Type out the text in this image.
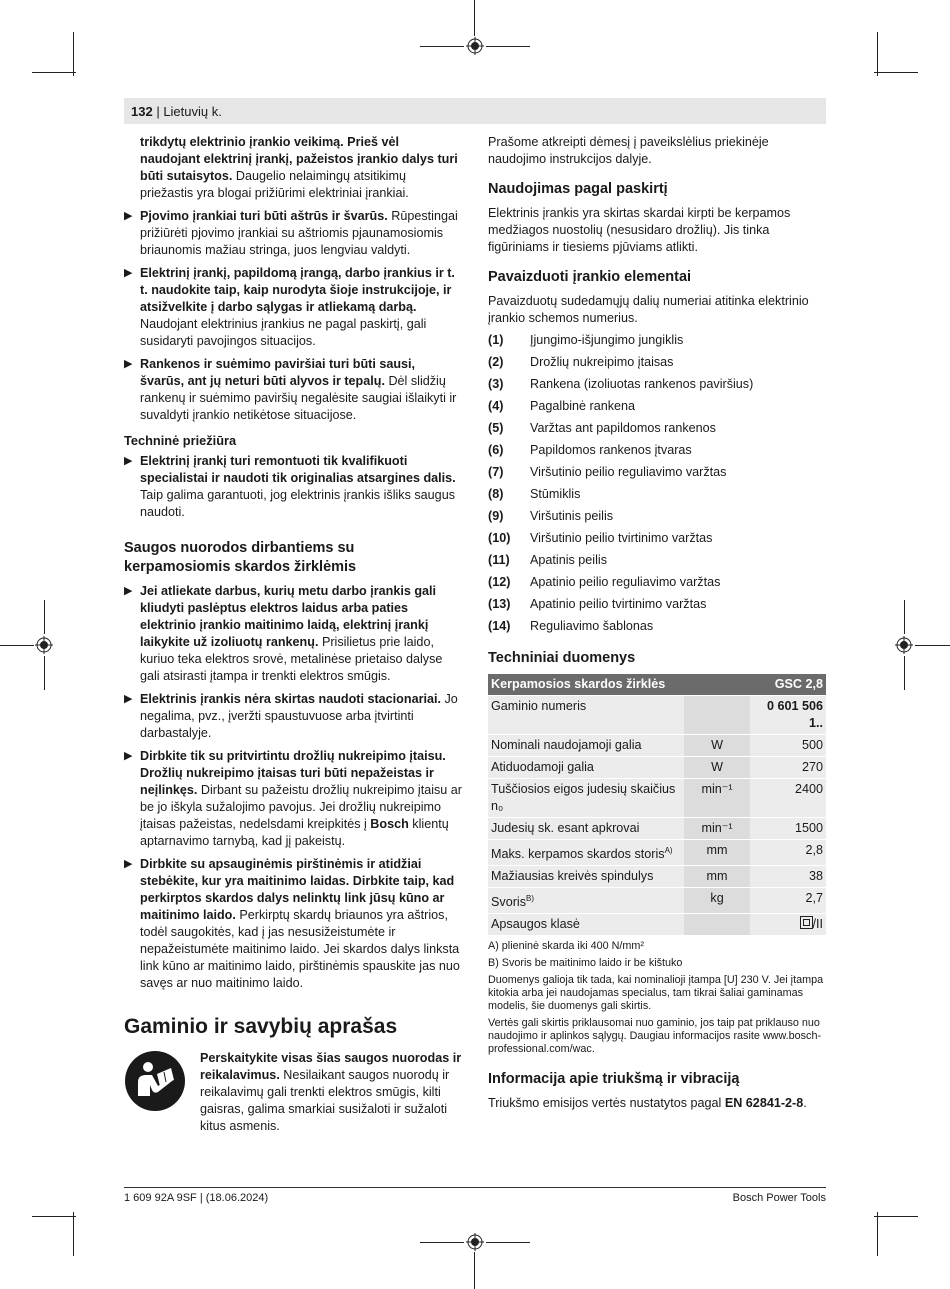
132 | Lietuvių k.
trikdytų elektrinio įrankio veikimą. Prieš vėl naudojant elektrinį įrankį, pažeistos įrankio dalys turi būti sutaisytos. Daugelio nelaimingų atsitikimų priežastis yra blogai prižiūrimi elektriniai įrankiai.
▶ Pjovimo įrankiai turi būti aštrūs ir švarūs. Rūpestingai prižiūrėti pjovimo įrankiai su aštriomis pjaunamosiomis briaunomis mažiau stringa, juos lengviau valdyti.
▶ Elektrinį įrankį, papildomą įrangą, darbo įrankius ir t. t. naudokite taip, kaip nurodyta šioje instrukcijoje, ir atsižvelkite į darbo sąlygas ir atliekamą darbą. Naudojant elektrinius įrankius ne pagal paskirtį, gali susidaryti pavojingos situacijos.
▶ Rankenos ir suėmimo paviršiai turi būti sausi, švarūs, ant jų neturi būti alyvos ir tepalų. Dėl slidžių rankenų ir suėmimo paviršių negalėsite saugiai išlaikyti ir suvaldyti įrankio netikėtose situacijose.
Techninė priežiūra
▶ Elektrinį įrankį turi remontuoti tik kvalifikuoti specialistai ir naudoti tik originalias atsargines dalis. Taip galima garantuoti, jog elektrinis įrankis išliks saugus naudoti.
Saugos nuorodos dirbantiems su kerpamosiomis skardos žirklėmis
▶ Jei atliekate darbus, kurių metu darbo įrankis gali kliudyti paslėptus elektros laidus arba paties elektrinio įrankio maitinimo laidą, elektrinį įrankį laikykite už izoliuotų rankenų. Prisilietus prie laido, kuriuo teka elektros srovė, metalinėse prietaiso dalyse gali atsirasti įtampa ir trenkti elektros smūgis.
▶ Elektrinis įrankis nėra skirtas naudoti stacionariai. Jo negalima, pvz., įveržti spaustuvuose arba įtvirtinti darbastalyje.
▶ Dirbkite tik su pritvirtintu drožlių nukreipimo įtaisu. Drožlių nukreipimo įtaisas turi būti nepažeistas ir neįlinkęs. Dirbant su pažeistu drožlių nukreipimo įtaisu ar be jo iškyla sužalojimo pavojus. Jei drožlių nukreipimo įtaisas pažeistas, nedelsdami kreipkitės į Bosch klientų aptarnavimo tarnybą, kad jį pakeistų.
▶ Dirbkite su apsauginėmis pirštinėmis ir atidžiai stebėkite, kur yra maitinimo laidas. Dirbkite taip, kad perkirptos skardos dalys nelinktų link jūsų kūno ar maitinimo laido. Perkirptų skardų briaunos yra aštrios, todėl saugokitės, kad į jas nesusižeistumėte ir nepažeistumėte maitinimo laido. Jei skardos dalys linksta link kūno ar maitinimo laido, pirštinėmis spauskite jas nuo savęs ar nuo maitinimo laido.
Gaminio ir savybių aprašas
Perskaitykite visas šias saugos nuorodas ir reikalavimus. Nesilaikant saugos nuorodų ir reikalavimų gali trenkti elektros smūgis, kilti gaisras, galima smarkiai susižaloti ir sužaloti kitus asmenis.
Prašome atkreipti dėmesį į paveikslėlius priekinėje naudojimo instrukcijos dalyje.
Naudojimas pagal paskirtį
Elektrinis įrankis yra skirtas skardai kirpti be kerpamos medžiagos nuostolių (nesusidaro drožlių). Jis tinka figūriniams ir tiesiems pjūviams atlikti.
Pavaizduoti įrankio elementai
Pavaizduotų sudedamųjų dalių numeriai atitinka elektrinio įrankio schemos numerius.
(1)	Įjungimo-išjungimo jungiklis
(2)	Drožlių nukreipimo įtaisas
(3)	Rankena (izoliuotas rankenos paviršius)
(4)	Pagalbinė rankena
(5)	Varžtas ant papildomos rankenos
(6)	Papildomos rankenos įtvaras
(7)	Viršutinio peilio reguliavimo varžtas
(8)	Stūmiklis
(9)	Viršutinis peilis
(10)	Viršutinio peilio tvirtinimo varžtas
(11)	Apatinis peilis
(12)	Apatinio peilio reguliavimo varžtas
(13)	Apatinio peilio tvirtinimo varžtas
(14)	Reguliavimo šablonas
Techniniai duomenys
Kerpamosios skardos žirklės		GSC 2,8
Gaminio numeris		0 601 506 1..
Nominali naudojamoji galia	W	500
Atiduodamoji galia	W	270
Tuščiosios eigos judesių skaičius n₀	min⁻¹	2400
Judesių sk. esant apkrovai	min⁻¹	1500
Maks. kerpamos skardos storis$^{A)}$	mm	2,8
Mažiausias kreivės spindulys	mm	38
Svoris$^{B)}$	kg	2,7
Apsaugos klasė		/II

A) plieninė skarda iki 400 N/mm²

B) Svoris be maitinimo laido ir be kištuko

Duomenys galioja tik tada, kai nominalioji įtampa [U] 230 V. Jei įtampa kitokia arba jei naudojamas specialus, tam tikrai šaliai gaminamas modelis, šie duomenys gali skirtis.

Vertės gali skirtis priklausomai nuo gaminio, jos taip pat priklauso nuo naudojimo ir aplinkos sąlygų. Daugiau informacijos rasite www.bosch-professional.com/wac.

Informacija apie triukšmą ir vibraciją
Triukšmo emisijos vertės nustatytos pagal EN 62841-2-8.
1 609 92A 9SF | (18.06.2024)	Bosch Power Tools
